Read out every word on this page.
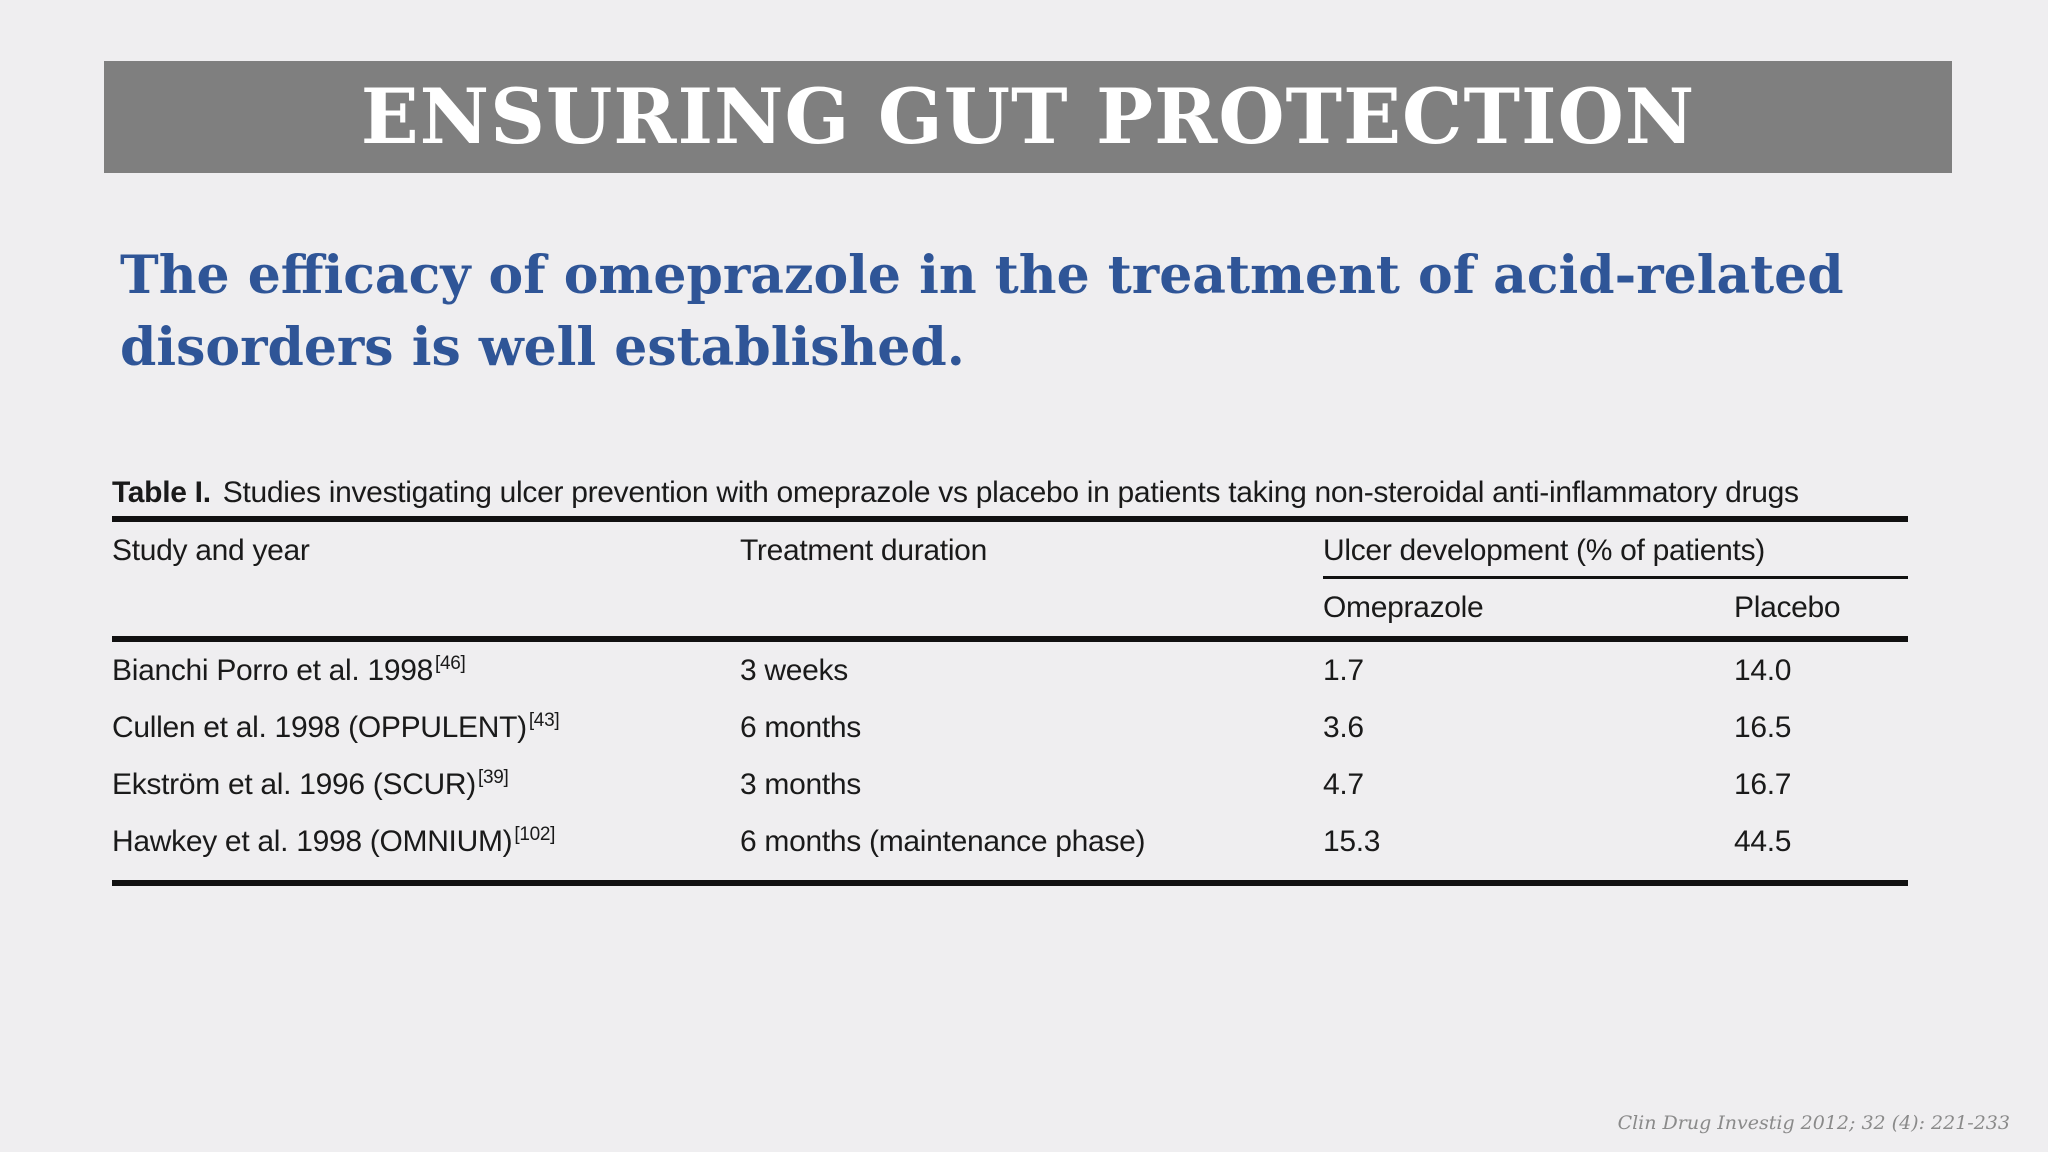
ENSURING GUT PROTECTION
The efficacy of omeprazole in the treatment of acid-related
disorders is well established.
Table I. Studies investigating ulcer prevention with omeprazole vs placebo in patients taking non-steroidal anti-inflammatory drugs
Study and year	Treatment duration	Ulcer development (% of patients)
Omeprazole	Placebo
Bianchi Porro et al. 1998 [46]	3 weeks	1.7	14.0
Cullen et al. 1998 (OPPULENT) [43]	6 months	3.6	16.5
Ekström et al. 1996 (SCUR) [39]	3 months	4.7	16.7
Hawkey et al. 1998 (OMNIUM) [102]	6 months (maintenance phase)	15.3	44.5
Clin Drug Investig 2012; 32 (4): 221-233
